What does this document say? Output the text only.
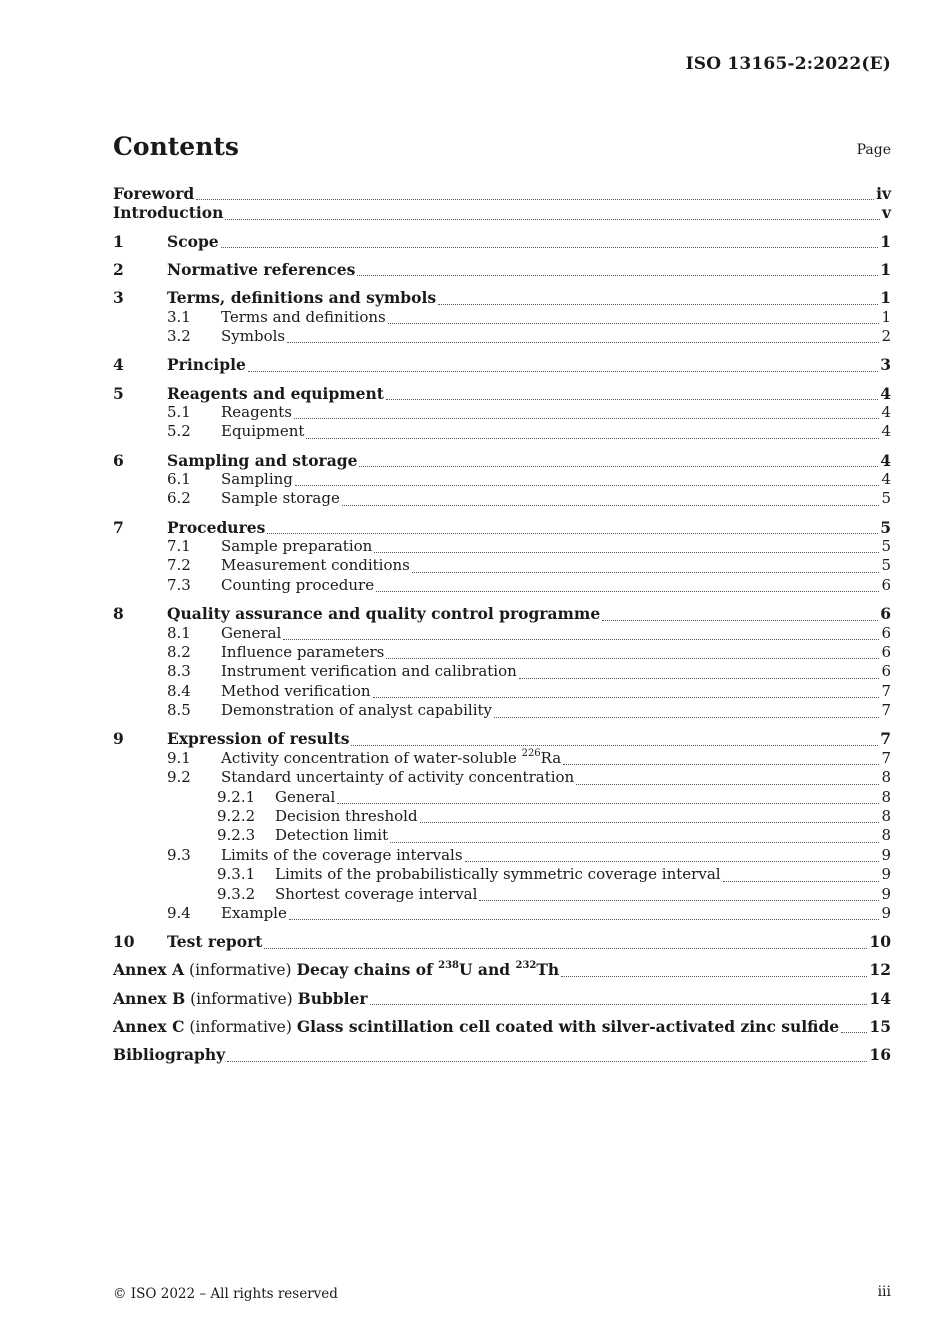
ISO 13165-2:2022(E)
Contents	Page
Foreword	iv
Introduction	v
1	Scope	1
2	Normative references	1
3	Terms, definitions and symbols	1
3.1	Terms and definitions	1
3.2	Symbols	2
4	Principle	3
5	Reagents and equipment	4
5.1	Reagents	4
5.2	Equipment	4
6	Sampling and storage	4
6.1	Sampling	4
6.2	Sample storage	5
7	Procedures	5
7.1	Sample preparation	5
7.2	Measurement conditions	5
7.3	Counting procedure	6
8	Quality assurance and quality control programme	6
8.1	General	6
8.2	Influence parameters	6
8.3	Instrument verification and calibration	6
8.4	Method verification	7
8.5	Demonstration of analyst capability	7
9	Expression of results	7
9.1	Activity concentration of water-soluble $^{226}$Ra	7
9.2	Standard uncertainty of activity concentration	8
9.2.1	General	8
9.2.2	Decision threshold	8
9.2.3	Detection limit	8
9.3	Limits of the coverage intervals	9
9.3.1	Limits of the probabilistically symmetric coverage interval	9
9.3.2	Shortest coverage interval	9
9.4	Example	9
10	Test report	10
Annex A (informative) Decay chains of $^{238}$U and $^{232}$Th	12
Annex B (informative) Bubbler	14
Annex C (informative) Glass scintillation cell coated with silver-activated zinc sulfide 15
Bibliography	16
© ISO 2022 – All rights reserved	iii
